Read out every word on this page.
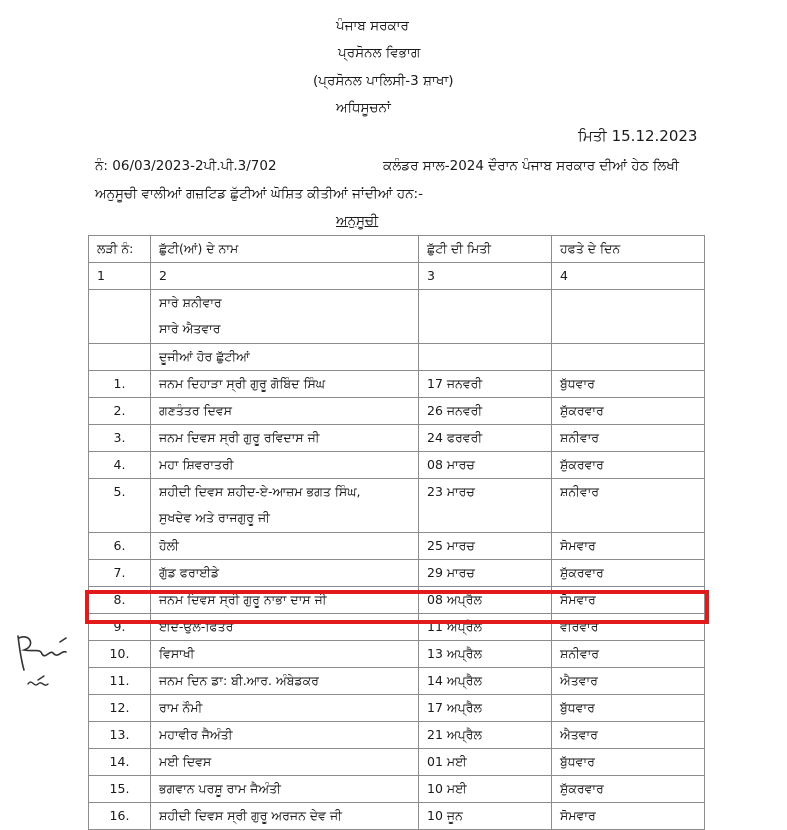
ਪੰਜਾਬ ਸਰਕਾਰ
ਪ੍ਰਸੋਨਲ ਵਿਭਾਗ
(ਪ੍ਰਸੋਨਲ ਪਾਲਿਸੀ-3 ਸ਼ਾਖਾ)
ਅਧਿਸੂਚਨਾਂ
ਮਿਤੀ 15.12.2023
ਨੰ: 06/03/2023-2ਪੀ.ਪੀ.3/702	ਕਲੰਡਰ ਸਾਲ-2024 ਦੌਰਾਨ ਪੰਜਾਬ ਸਰਕਾਰ ਦੀਆਂ ਹੇਠ ਲਿਖੀ
ਅਨੁਸੂਚੀ ਵਾਲੀਆਂ ਗਜ਼ਟਿਡ ਛੁੱਟੀਆਂ ਘੋਸ਼ਿਤ ਕੀਤੀਆਂ ਜਾਂਦੀਆਂ ਹਨ:-
ਅਨੁਸੂਚੀ
ਲੜੀ ਨੰ:	ਛੁੱਟੀ(ਆਂ) ਦੇ ਨਾਮ	ਛੁੱਟੀ ਦੀ ਮਿਤੀ	ਹਫਤੇ ਦੇ ਦਿਨ
1	2	3	4

	ਸਾਰੇ ਸ਼ਨੀਵਾਰ
ਸਾਰੇ ਐਤਵਾਰ		

	ਦੂਜੀਆਂ ਹੋਰ ਛੁੱਟੀਆਂ		
1.	ਜਨਮ ਦਿਹਾੜਾ ਸ੍ਰੀ ਗੁਰੂ ਗੋਬਿੰਦ ਸਿੰਘ	17 ਜਨਵਰੀ	ਬੁੱਧਵਾਰ
2.	ਗਣਤੰਤਰ ਦਿਵਸ	26 ਜਨਵਰੀ	ਸ਼ੁੱਕਰਵਾਰ
3.	ਜਨਮ ਦਿਵਸ ਸ੍ਰੀ ਗੁਰੂ ਰਵਿਦਾਸ ਜੀ	24 ਫਰਵਰੀ	ਸ਼ਨੀਵਾਰ
4.	ਮਹਾ ਸ਼ਿਵਰਾਤਰੀ	08 ਮਾਰਚ	ਸ਼ੁੱਕਰਵਾਰ
5.	ਸ਼ਹੀਦੀ ਦਿਵਸ ਸ਼ਹੀਦ-ਏ-ਆਜ਼ਮ ਭਗਤ ਸਿੰਘ,
ਸੁਖਦੇਵ ਅਤੇ ਰਾਜਗੁਰੂ ਜੀ	23 ਮਾਰਚ	ਸ਼ਨੀਵਾਰ
6.	ਹੋਲੀ	25 ਮਾਰਚ	ਸੋਮਵਾਰ
7.	ਗੁੱਡ ਫਰਾਈਡੇ	29 ਮਾਰਚ	ਸ਼ੁੱਕਰਵਾਰ
8.	ਜਨਮ ਦਿਵਸ ਸ੍ਰੀ ਗੁਰੂ ਨਾਭਾ ਦਾਸ ਜੀ	08 ਅਪ੍ਰੈਲ	ਸੋਮਵਾਰ
9.	ਈਦ-ਉਲ-ਫਿਤਰ	11 ਅਪ੍ਰੈਲ	ਵੀਰਵਾਰ
10.	ਵਿਸਾਖੀ	13 ਅਪ੍ਰੈਲ	ਸ਼ਨੀਵਾਰ
11.	ਜਨਮ ਦਿਨ ਡਾ: ਬੀ.ਆਰ. ਅੰਬੇਡਕਰ	14 ਅਪ੍ਰੈਲ	ਐਤਵਾਰ
12.	ਰਾਮ ਨੌਮੀ	17 ਅਪ੍ਰੈਲ	ਬੁੱਧਵਾਰ
13.	ਮਹਾਵੀਰ ਜੈਅੰਤੀ	21 ਅਪ੍ਰੈਲ	ਐਤਵਾਰ
14.	ਮਈ ਦਿਵਸ	01 ਮਈ	ਬੁੱਧਵਾਰ
15.	ਭਗਵਾਨ ਪਰਸ਼ੂ ਰਾਮ ਜੈਅੰਤੀ	10 ਮਈ	ਸ਼ੁੱਕਰਵਾਰ
16.	ਸ਼ਹੀਦੀ ਦਿਵਸ ਸ੍ਰੀ ਗੁਰੂ ਅਰਜਨ ਦੇਵ ਜੀ	10 ਜੂਨ	ਸੋਮਵਾਰ
